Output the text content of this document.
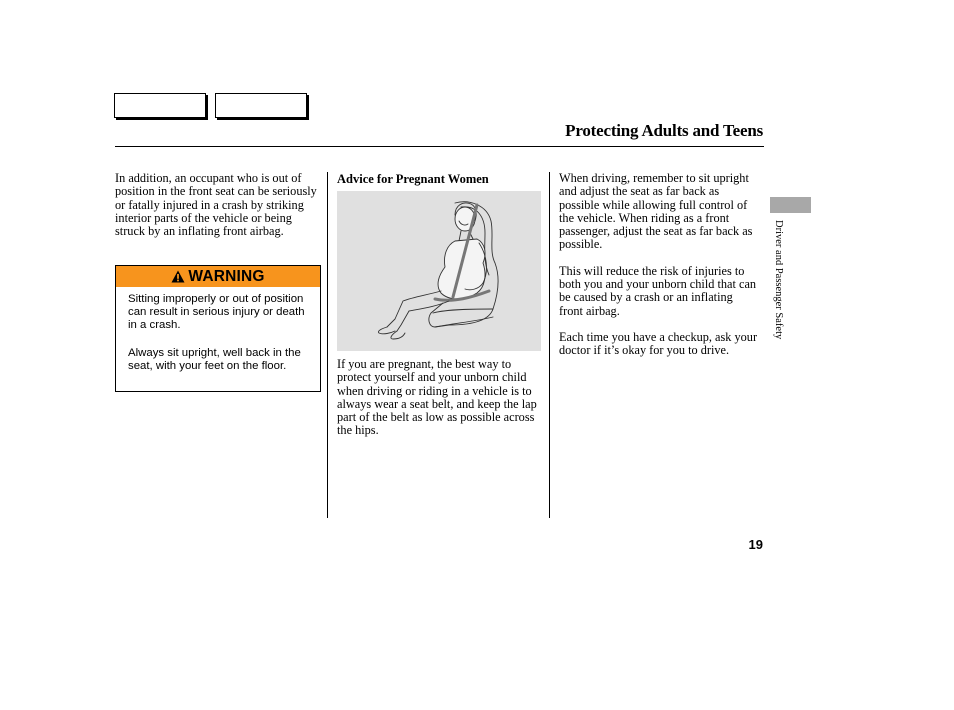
Protecting Adults and Teens

In addition, an occupant who is out of position in the front seat can be seriously or fatally injured in a crash by striking interior parts of the vehicle or being struck by an inflating front airbag.

WARNING

Sitting improperly or out of position can result in serious injury or death in a crash.

Always sit upright, well back in the seat, with your feet on the floor.

Advice for Pregnant Women

If you are pregnant, the best way to protect yourself and your unborn child when driving or riding in a vehicle is to always wear a seat belt, and keep the lap part of the belt as low as possible across the hips.

When driving, remember to sit upright and adjust the seat as far back as possible while allowing full control of the vehicle. When riding as a front passenger, adjust the seat as far back as possible.

This will reduce the risk of injuries to both you and your unborn child that can be caused by a crash or an inflating front airbag.

Each time you have a checkup, ask your doctor if it’s okay for you to drive.

Driver and Passenger Safety
19
